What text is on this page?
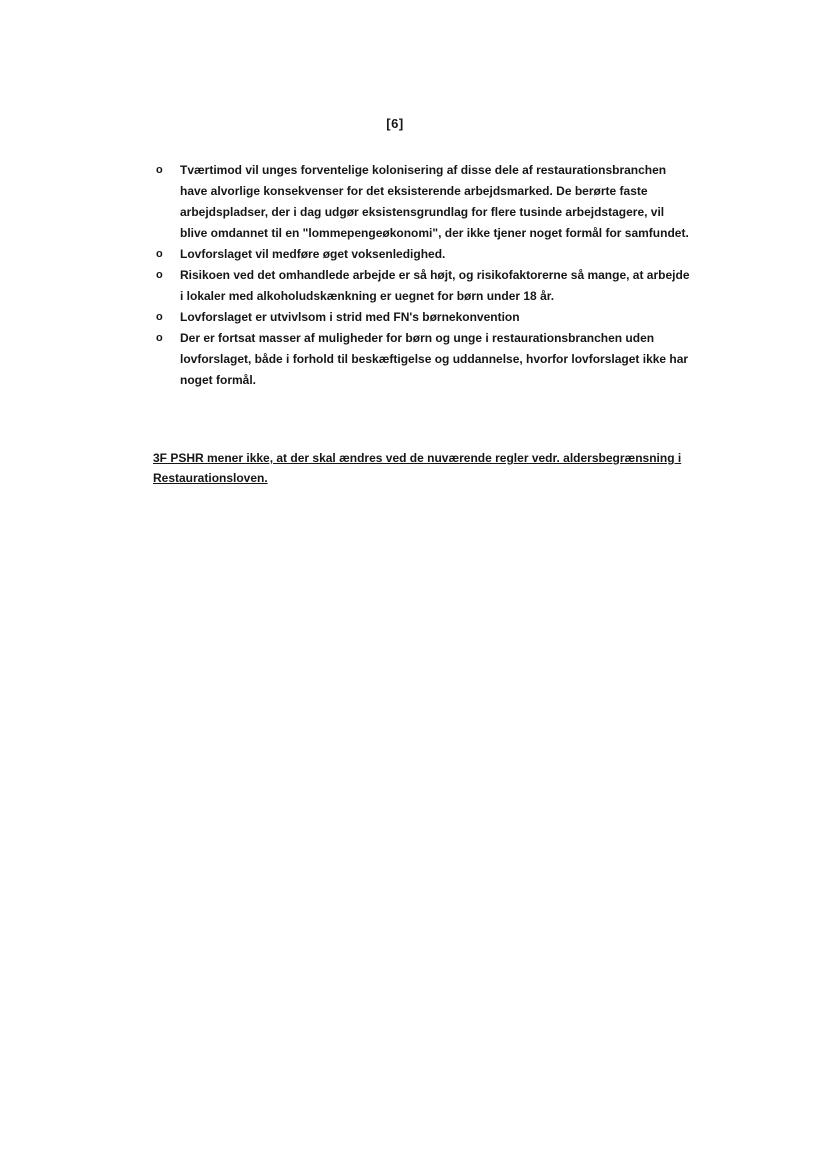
[6]
o Tværtimod vil unges forventelige kolonisering af disse dele af restaurationsbranchen have alvorlige konsekvenser for det eksisterende arbejdsmarked. De berørte faste arbejdspladser, der i dag udgør eksistensgrundlag for flere tusinde arbejdstagere, vil blive omdannet til en "lommepengeøkonomi", der ikke tjener noget formål for samfundet.
o Lovforslaget vil medføre øget voksenledighed.
o Risikoen ved det omhandlede arbejde er så højt, og risikofaktorerne så mange, at arbejde i lokaler med alkoholudskænkning er uegnet for børn under 18 år.
o Lovforslaget er utvivlsom i strid med FN's børnekonvention
o Der er fortsat masser af muligheder for børn og unge i restaurationsbranchen uden lovforslaget, både i forhold til beskæftigelse og uddannelse, hvorfor lovforslaget ikke har noget formål.

3F PSHR mener ikke, at der skal ændres ved de nuværende regler vedr. aldersbegrænsning i Restaurationsloven.
